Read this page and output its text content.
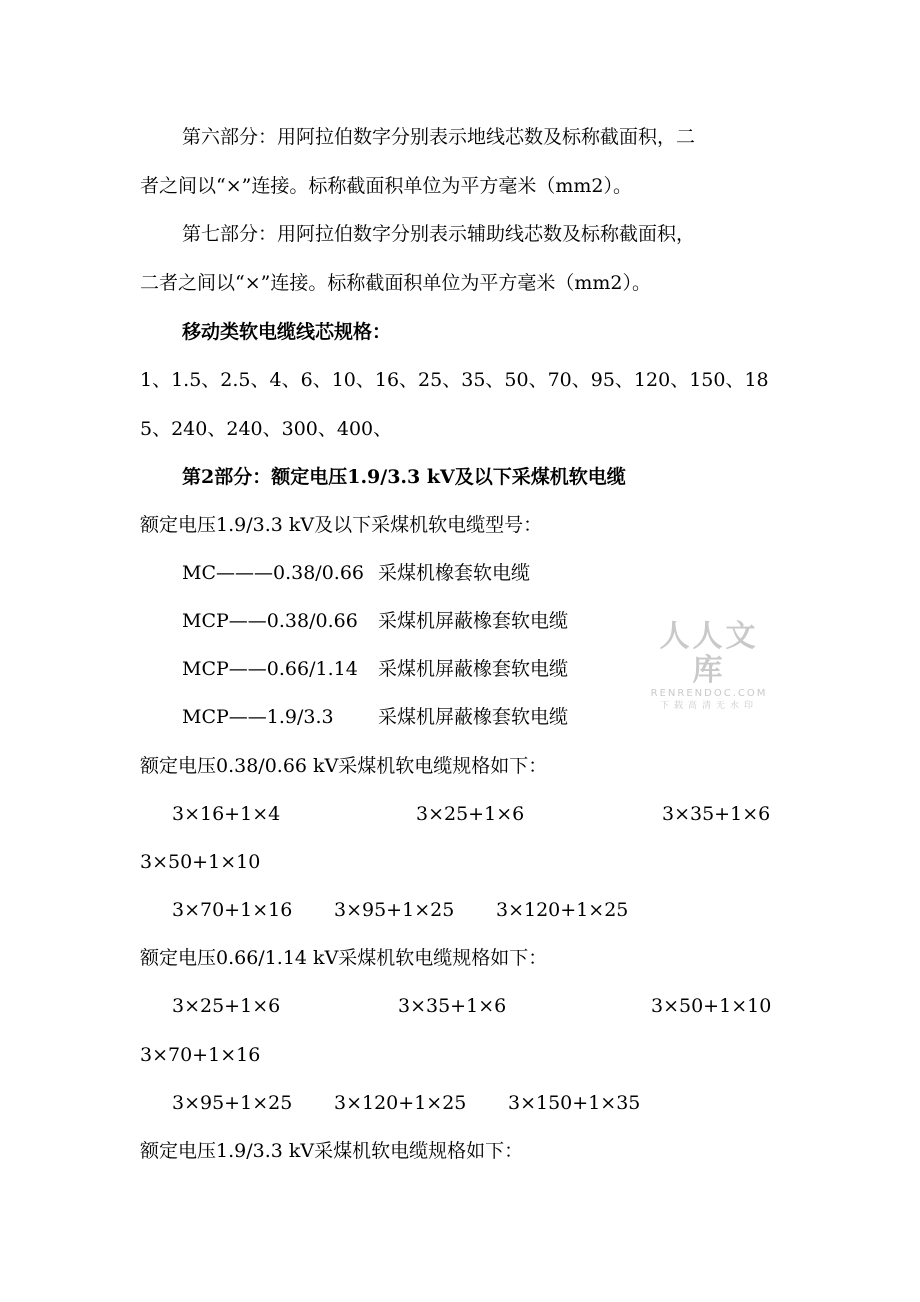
第六部分：用阿拉伯数字分别表示地线芯数及标称截面积，二
者之间以“×”连接。标称截面积单位为平方毫米（mm2）。
第七部分：用阿拉伯数字分别表示辅助线芯数及标称截面积，
二者之间以“×”连接。标称截面积单位为平方毫米（mm2）。
移动类软电缆线芯规格：
1、1.5、2.5、4、6、10、16、25、35、50、70、95、120、150、18
5、240、240、300、400、
第2部分：额定电压1.9/3.3 kV及以下采煤机软电缆
额定电压1.9/3.3 kV及以下采煤机软电缆型号：
MC———0.38/0.66 采煤机橡套软电缆
MCP——0.38/0.66 采煤机屏蔽橡套软电缆
MCP——0.66/1.14 采煤机屏蔽橡套软电缆
MCP——1.9/3.3 采煤机屏蔽橡套软电缆
额定电压0.38/0.66 kV采煤机软电缆规格如下：
3×16+1×4	3×25+1×6	3×35+1×6
3×50+1×10
3×70+1×16 3×95+1×25 3×120+1×25
额定电压0.66/1.14 kV采煤机软电缆规格如下：
3×25+1×6	3×35+1×6	3×50+1×10
3×70+1×16
3×95+1×25 3×120+1×25 3×150+1×35
额定电压1.9/3.3 kV采煤机软电缆规格如下：
人人文库
RENRENDOC.COM
下载高清无水印
